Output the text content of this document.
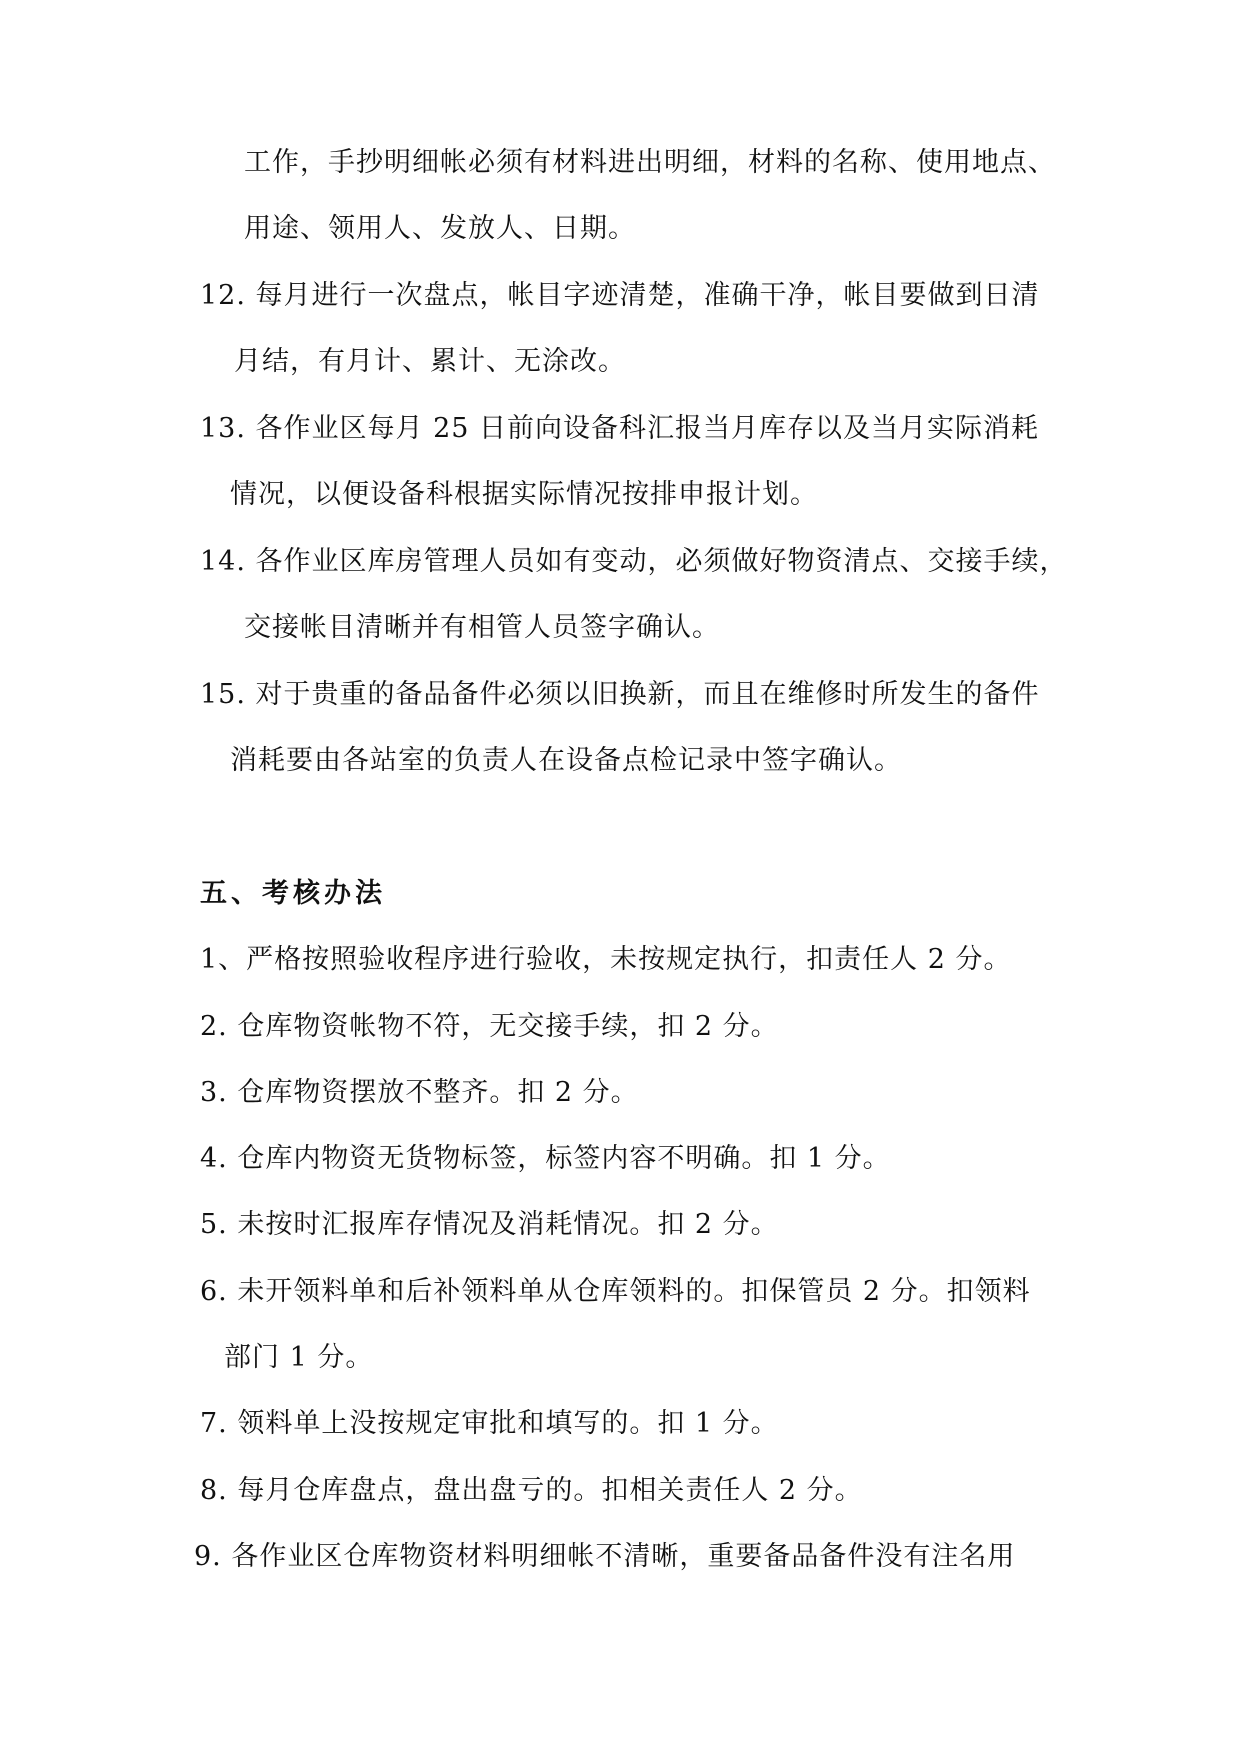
工作，手抄明细帐必须有材料进出明细，材料的名称、使用地点、
用途、领用人、发放人、日期。
12. 每月进行一次盘点，帐目字迹清楚，准确干净，帐目要做到日清
月结，有月计、累计、无涂改。
13. 各作业区每月 25 日前向设备科汇报当月库存以及当月实际消耗
情况，以便设备科根据实际情况按排申报计划。
14. 各作业区库房管理人员如有变动，必须做好物资清点、交接手续，
交接帐目清晰并有相管人员签字确认。
15. 对于贵重的备品备件必须以旧换新，而且在维修时所发生的备件
消耗要由各站室的负责人在设备点检记录中签字确认。
五、考核办法
1、严格按照验收程序进行验收，未按规定执行，扣责任人 2 分。
2. 仓库物资帐物不符，无交接手续，扣 2 分。
3. 仓库物资摆放不整齐。扣 2 分。
4. 仓库内物资无货物标签，标签内容不明确。扣 1 分。
5. 未按时汇报库存情况及消耗情况。扣 2 分。
6. 未开领料单和后补领料单从仓库领料的。扣保管员 2 分。扣领料
部门 1 分。
7. 领料单上没按规定审批和填写的。扣 1 分。
8. 每月仓库盘点，盘出盘亏的。扣相关责任人 2 分。
9. 各作业区仓库物资材料明细帐不清晰，重要备品备件没有注名用
